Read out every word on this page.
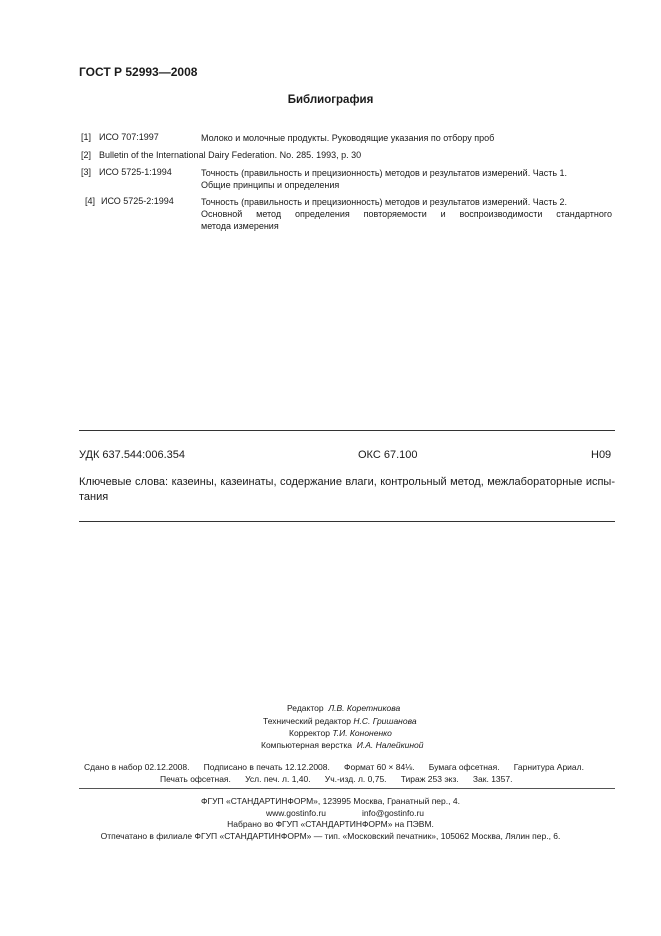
ГОСТ Р 52993—2008
Библиография
[1] ИСО 707:1997	Молоко и молочные продукты. Руководящие указания по отбору проб
[2] Bulletin of the International Dairy Federation. No. 285. 1993, p. 30
[3] ИСО 5725-1:1994	Точность (правильность и прецизионность) методов и результатов измерений. Часть 1.
Общие принципы и определения
[4] ИСО 5725-2:1994	Точность (правильность и прецизионность) методов и результатов измерений. Часть 2.
Основной метод определения повторяемости и воспроизводимости стандартного
метода измерения
УДК 637.544:006.354	ОКС 67.100	Н09
Ключевые слова: казеины, казеинаты, содержание влаги, контрольный метод, межлабораторные испы-тания
Редактор Л.В. Коретникова
Технический редактор Н.С. Гришанова
Корректор Т.И. Кононенко
Компьютерная верстка И.А. Налейкиной
Сдано в набор 02.12.2008.      Подписано в печать 12.12.2008.      Формат 60 × 84⅛.      Бумага офсетная.      Гарнитура Ариал.
Печать офсетная.      Усл. печ. л. 1,40.      Уч.-изд. л. 0,75.      Тираж 253 экз.      Зак. 1357.
ФГУП «СТАНДАРТИНФОРМ», 123995 Москва, Гранатный пер., 4.
www.gostinfo.ru	info@gostinfo.ru
Набрано во ФГУП «СТАНДАРТИНФОРМ» на ПЭВМ.
Отпечатано в филиале ФГУП «СТАНДАРТИНФОРМ» — тип. «Московский печатник», 105062 Москва, Лялин пер., 6.
